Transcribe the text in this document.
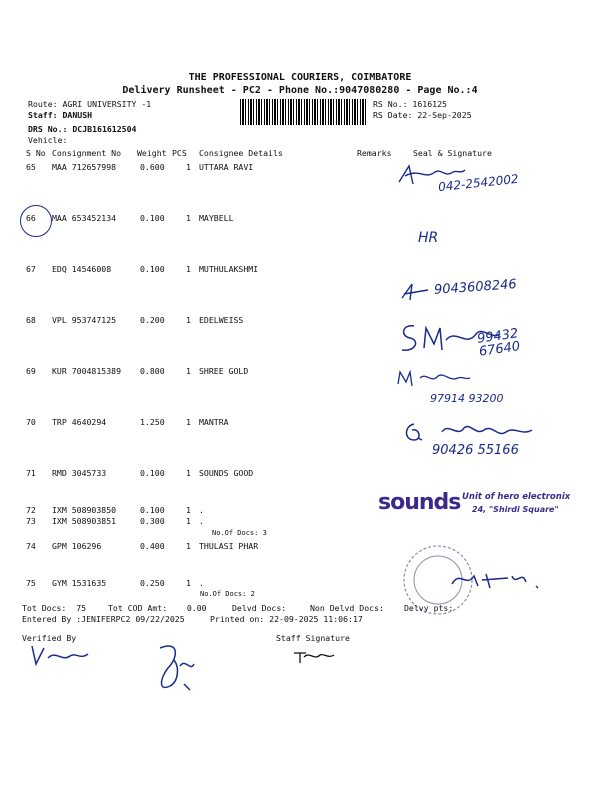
THE PROFESSIONAL COURIERS, COIMBATORE
Delivery Runsheet - PC2 - Phone No.:9047080280 - Page No.:4
Route: AGRI UNIVERSITY -1
Staff: DANUSH
DRS No.: DCJB161612504
Vehicle:
RS No.: 1616125
RS Date: 22-Sep-2025
S No Consignment No Weight PCS Consignee Details	Remarks	Seal & Signature
65 MAA 712657998	0.600	1 UTTARA RAVI
66 MAA 653452134	0.100	1 MAYBELL
67 EDQ 14546008	0.100	1 MUTHULAKSHMI
68 VPL 953747125	0.200	1 EDELWEISS
69 KUR 7004815389 0.800	1 SHREE GOLD
70 TRP 4640294	1.250	1 MANTRA
71 RMD 3045733	0.100	1 SOUNDS GOOD
72 IXM 508903850	0.100	1 .
73 IXM 508903851	0.300	1 .
No.Of Docs: 3
74 GPM 106296	0.400	1 THULASI PHAR
75 GYM 1531635	0.250	1 .
No.Of Docs: 2
042-2542002
HR
9043608246
99432
67640
97914 93200
90426 55166
sounds Unit of hero electronix
24, "Shirdi Square"
Tot Docs:  75	Tot COD Amt:    0.00	Delvd Docs:	Non Delvd Docs: Delvy pts:
Entered By :JENIFERPC2 09/22/2025	Printed on: 22-09-2025 11:06:17
Verified By	Staff Signature
